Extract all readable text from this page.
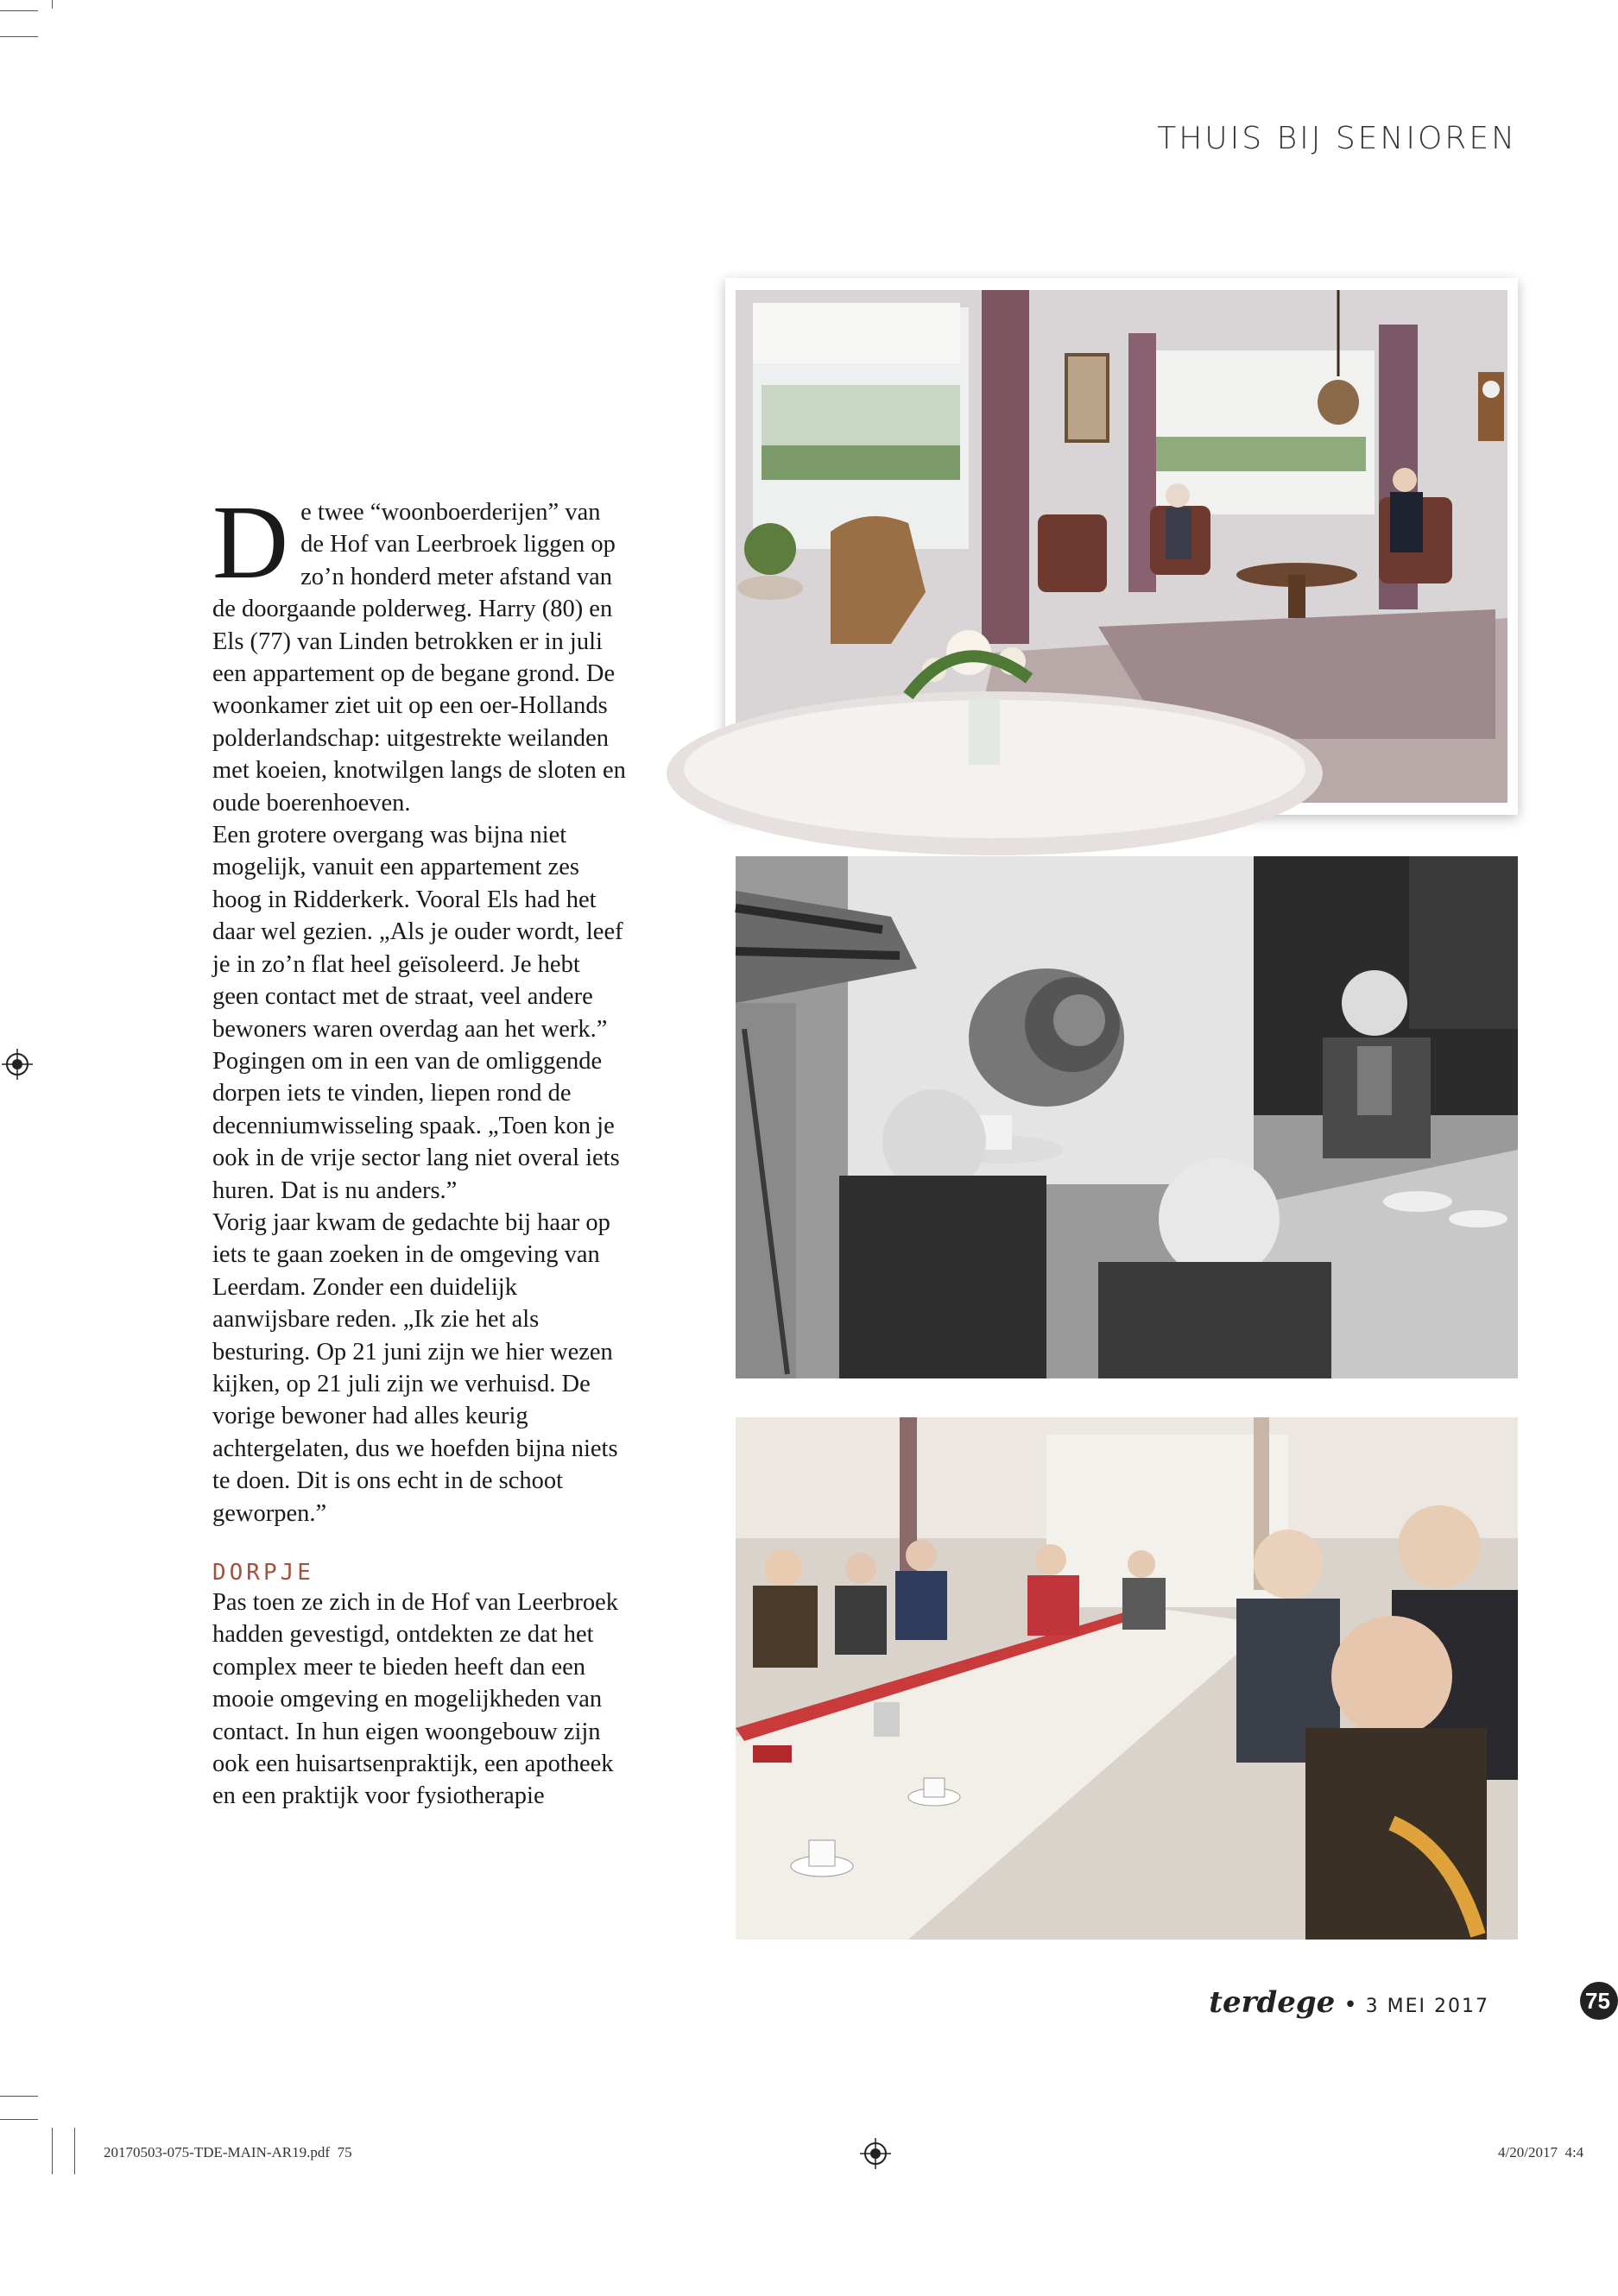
THUIS BIJ SENIOREN

De twee “woonboerderijen” van de Hof van Leerbroek liggen op zo’n honderd meter afstand van de doorgaande polderweg. Harry (80) en Els (77) van Linden betrokken er in juli een appartement op de begane grond. De woonkamer ziet uit op een oer-Hollands polderlandschap: uitgestrekte weilanden met koeien, knotwilgen langs de sloten en oude boerenhoeven.

Een grotere overgang was bijna niet mogelijk, vanuit een appartement zes hoog in Ridderkerk. Vooral Els had het daar wel gezien. „Als je ouder wordt, leef je in zo’n flat heel geïsoleerd. Je hebt geen contact met de straat, veel andere bewoners waren overdag aan het werk.” Pogingen om in een van de omliggende dorpen iets te vinden, liepen rond de decenniumwisseling spaak. „Toen kon je ook in de vrije sector lang niet overal iets huren. Dat is nu anders.”

Vorig jaar kwam de gedachte bij haar op iets te gaan zoeken in de omgeving van Leerdam. Zonder een duidelijk aanwijsbare reden. „Ik zie het als besturing. Op 21 juni zijn we hier wezen kijken, op 21 juli zijn we verhuisd. De vorige bewoner had alles keurig achtergelaten, dus we hoefden bijna niets te doen. Dit is ons echt in de schoot geworpen.”

DORPJE

Pas toen ze zich in de Hof van Leerbroek hadden gevestigd, ontdekten ze dat het complex meer te bieden heeft dan een mooie omgeving en mogelijkheden van contact. In hun eigen woongebouw zijn ook een huisartsenpraktijk, een apotheek en een praktijk voor fysiotherapie

terdege • 3 MEI 2017	75
20170503-075-TDE-MAIN-AR19.pdf 75	4/20/2017  4:4
